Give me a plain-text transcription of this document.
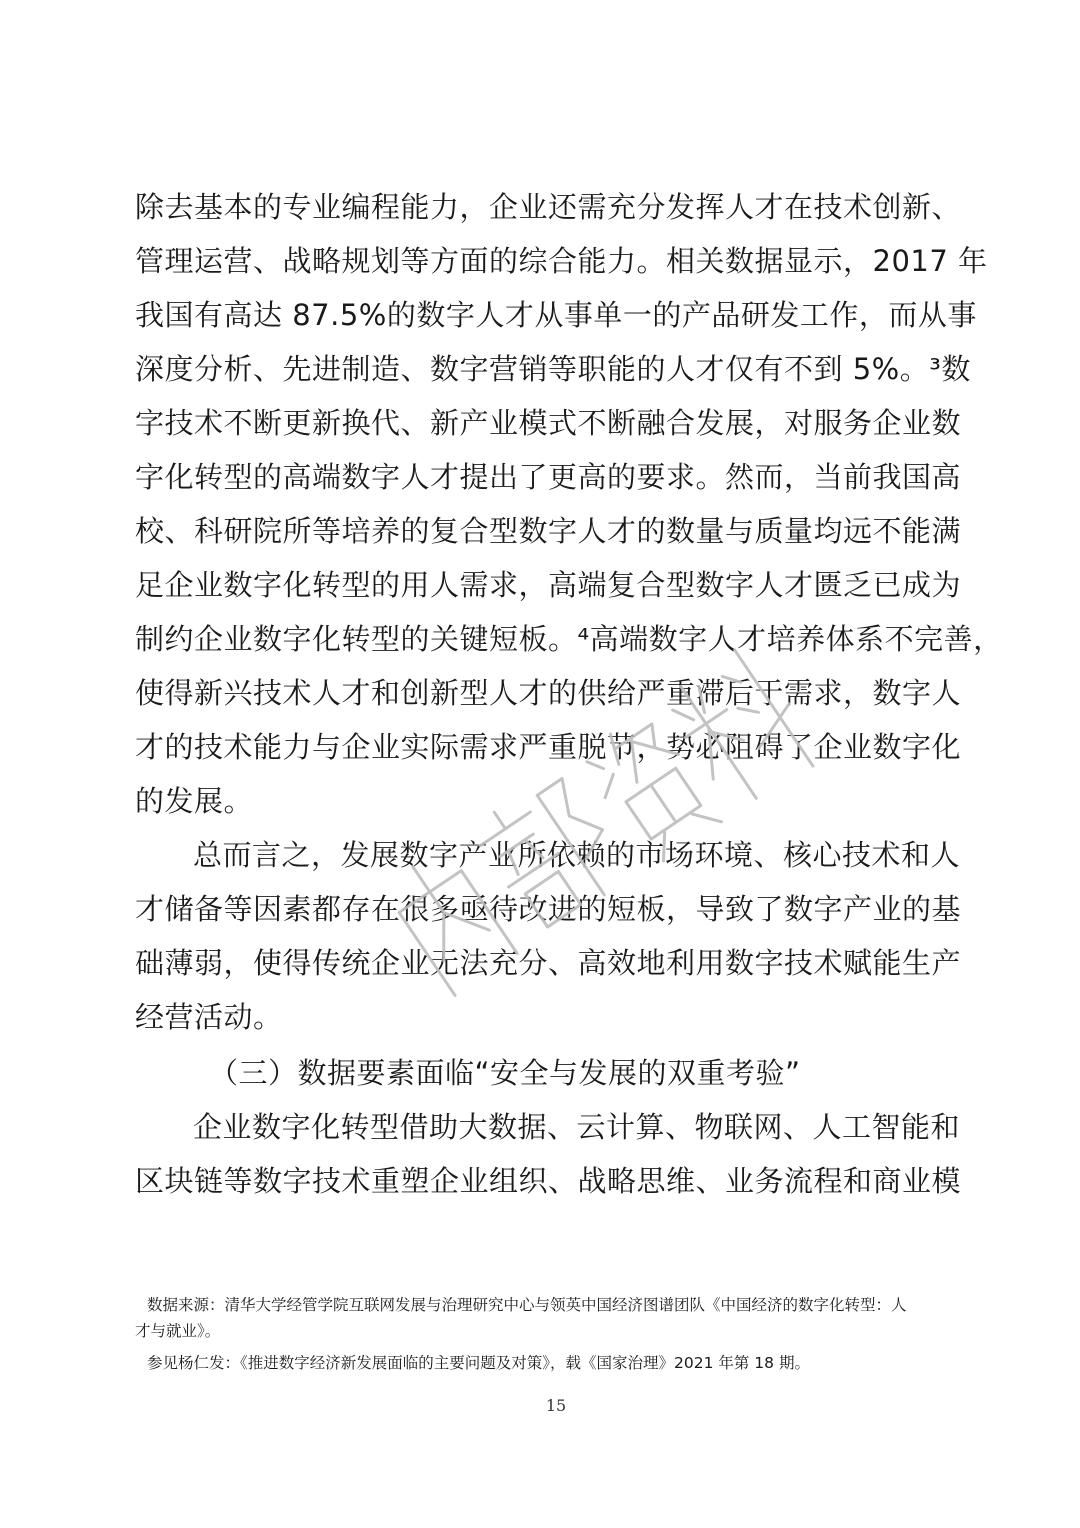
除去基本的专业编程能力，企业还需充分发挥人才在技术创新、
管理运营、战略规划等方面的综合能力。相关数据显示，2017 年
我国有高达 87.5%的数字人才从事单一的产品研发工作，而从事
深度分析、先进制造、数字营销等职能的人才仅有不到 5%。³数
字技术不断更新换代、新产业模式不断融合发展，对服务企业数
字化转型的高端数字人才提出了更高的要求。然而，当前我国高
校、科研院所等培养的复合型数字人才的数量与质量均远不能满
足企业数字化转型的用人需求，高端复合型数字人才匮乏已成为
制约企业数字化转型的关键短板。⁴高端数字人才培养体系不完善，
使得新兴技术人才和创新型人才的供给严重滞后于需求，数字人
才的技术能力与企业实际需求严重脱节，势必阻碍了企业数字化
的发展。
总而言之，发展数字产业所依赖的市场环境、核心技术和人
才储备等因素都存在很多亟待改进的短板，导致了数字产业的基
础薄弱，使得传统企业无法充分、高效地利用数字技术赋能生产
经营活动。
（三）数据要素面临“安全与发展的双重考验”
企业数字化转型借助大数据、云计算、物联网、人工智能和
区块链等数字技术重塑企业组织、战略思维、业务流程和商业模
数据来源：清华大学经管学院互联网发展与治理研究中心与领英中国经济图谱团队《中国经济的数字化转型：人
才与就业》。
参见杨仁发：《推进数字经济新发展面临的主要问题及对策》，载《国家治理》2021 年第 18 期。
15
